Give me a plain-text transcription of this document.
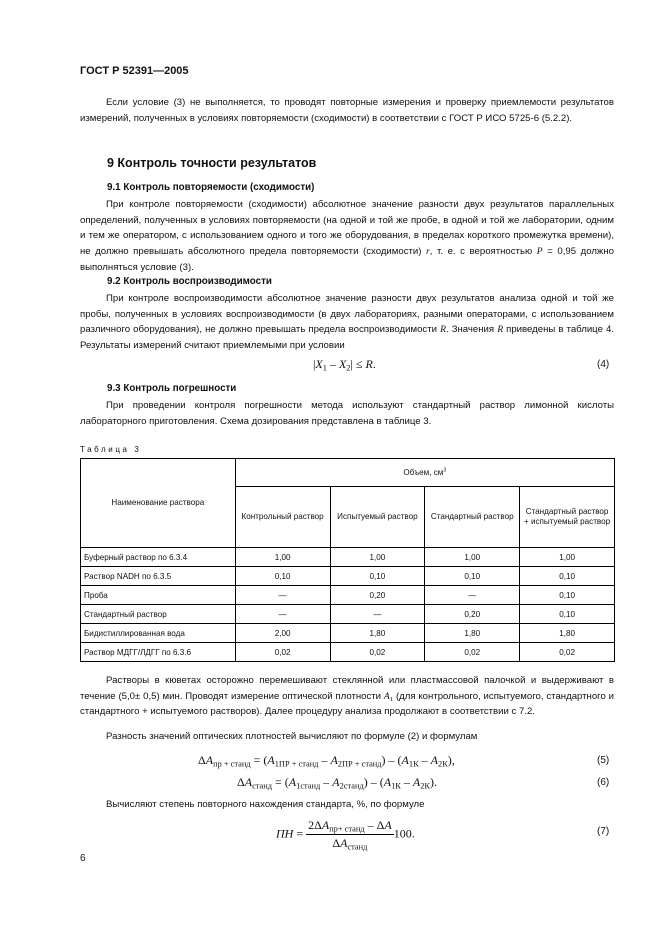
ГОСТ Р 52391—2005

Если условие (3) не выполняется, то проводят повторные измерения и проверку приемлемости результатов измерений, полученных в условиях повторяемости (сходимости) в соответствии с ГОСТ Р ИСО 5725-6 (5.2.2).

9 Контроль точности результатов
9.1 Контроль повторяемости (сходимости)

При контроле повторяемости (сходимости) абсолютное значение разности двух результатов параллельных определений, полученных в условиях повторяемости (на одной и той же пробе, в одной и той же лаборатории, одним и тем же оператором, с использованием одного и того же оборудования, в пределах короткого промежутка времени), не должно превышать абсолютного предела повторяемости (сходимости) r, т. е. с вероятностью P = 0,95 должно выполняться условие (3).

9.2 Контроль воспроизводимости

При контроле воспроизводимости абсолютное значение разности двух результатов анализа одной и той же пробы, полученных в условиях воспроизводимости (в двух лабораториях, разными операторами, с использованием различного оборудования), не должно превышать предела воспроизводимости R. Значения R приведены в таблице 4. Результаты измерений считают приемлемыми при условии

$|X_1 - X_2| \le R$.	(4)
9.3 Контроль погрешности

При проведении контроля погрешности метода используют стандартный раствор лимонной кислоты лабораторного приготовления. Схема дозирования представлена в таблице 3.

Таблица 3
Наименование раствора	Объем, $см^3$
	Контрольный раствор	Испытуемый раствор	Стандартный раствор	Стандартный раствор + испытуемый раствор
Буферный раствор по 6.3.4	1,00	1,00	1,00	1,00
Раствор NADH по 6.3.5	0,10	0,10	0,10	0,10
Проба	—	0,20	—	0,10
Стандартный раствор	—	—	0,20	0,10
Бидистиллированная вода	2,00	1,80	1,80	1,80
Раствор МДГГ/ЛДГГ по 6.3.6	0,02	0,02	0,02	0,02

Растворы в кюветах осторожно перемешивают стеклянной или пластмассовой палочкой и выдерживают в течение (5,0± 0,5) мин. Проводят измерение оптической плотности $A_1$ (для контрольного, испытуемого, стандартного и стандартного + испытуемого растворов). Далее процедуру анализа продолжают в соответствии с 7.2.

Разность значений оптических плотностей вычисляют по формуле (2) и формулам

$\Delta A_{пр + станд} = (A_{1ПР + станд} - A_{2ПР + станд}) - (A_{1К} - A_{2К})$,	(5)
$\Delta A_{станд} = (A_{1станд} - A_{2станд}) - (A_{1К} - A_{2К})$.	(6)

Вычисляют степень повторного нахождения стандарта, %, по формуле

ПН = $\frac{2\Delta A_{пр+ станд} - \Delta A}{\Delta A_{станд}} 100$.	(7)
6
